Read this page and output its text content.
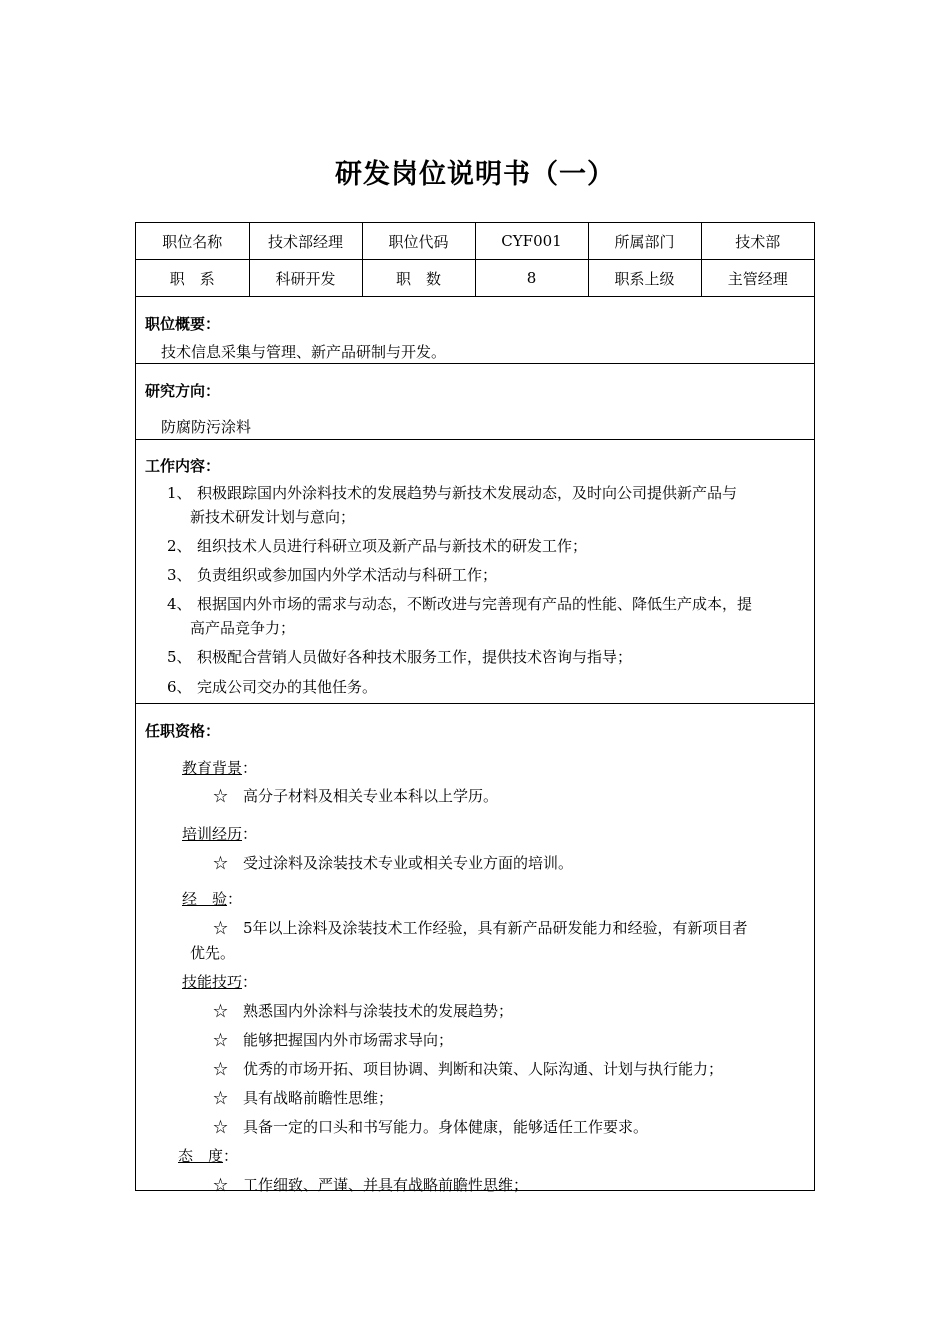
研发岗位说明书（一）
职位名称	技术部经理	职位代码	CYF001	所属部门	技术部
职　系	科研开发	职　数	8	职系上级	主管经理
职位概要：
技术信息采集与管理、新产品研制与开发。
研究方向：
防腐防污涂料
工作内容：
1、 积极跟踪国内外涂料技术的发展趋势与新技术发展动态，及时向公司提供新产品与
新技术研发计划与意向；
2、 组织技术人员进行科研立项及新产品与新技术的研发工作；
3、 负责组织或参加国内外学术活动与科研工作；
4、 根据国内外市场的需求与动态，不断改进与完善现有产品的性能、降低生产成本，提
高产品竞争力；
5、 积极配合营销人员做好各种技术服务工作，提供技术咨询与指导；
6、 完成公司交办的其他任务。
任职资格：
教育背景：
☆　高分子材料及相关专业本科以上学历。
培训经历：
☆　受过涂料及涂装技术专业或相关专业方面的培训。
经　验：
☆　5年以上涂料及涂装技术工作经验，具有新产品研发能力和经验，有新项目者
优先。
技能技巧：
☆　熟悉国内外涂料与涂装技术的发展趋势；
☆　能够把握国内外市场需求导向；
☆　优秀的市场开拓、项目协调、判断和决策、人际沟通、计划与执行能力；
☆　具有战略前瞻性思维；
☆　具备一定的口头和书写能力。身体健康，能够适任工作要求。
态　度：
☆　工作细致、严谨、并具有战略前瞻性思维；
